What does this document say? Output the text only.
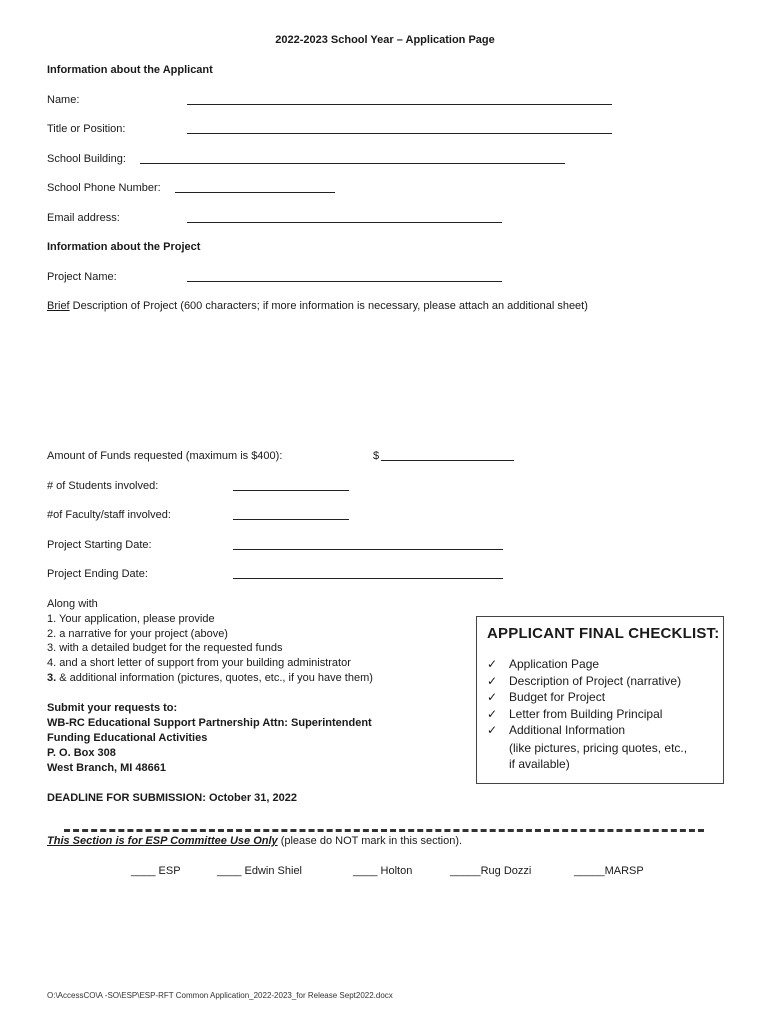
2022-2023 School Year – Application Page
Information about the Applicant
Name:
Title or Position:
School Building:
School Phone Number:
Email address:
Information about the Project
Project Name:
Brief Description of Project (600 characters; if more information is necessary, please attach an additional sheet)
Amount of Funds requested (maximum is $400):	$
# of Students involved:
#of Faculty/staff involved:
Project Starting Date:
Project Ending Date:
Along with
1. Your application, please provide
2. a narrative for your project (above)
3. with a detailed budget for the requested funds
4. and a short letter of support from your building administrator
3. & additional information (pictures, quotes, etc., if you have them)
Submit your requests to:
WB-RC Educational Support Partnership Attn: Superintendent
Funding Educational Activities
P. O. Box 308
West Branch, MI 48661
DEADLINE FOR SUBMISSION: October 31, 2022
APPLICANT FINAL CHECKLIST:
✓ Application Page
✓ Description of Project (narrative)
✓ Budget for Project
✓ Letter from Building Principal
✓ Additional Information
(like pictures, pricing quotes, etc.,
if available)
This Section is for ESP Committee Use Only (please do NOT mark in this section).
____ ESP	____ Edwin Shiel	____ Holton	_____Rug Dozzi	_____MARSP
O:\AccessCO\A -SO\ESP\ESP-RFT Common Application_2022-2023_for Release Sept2022.docx
